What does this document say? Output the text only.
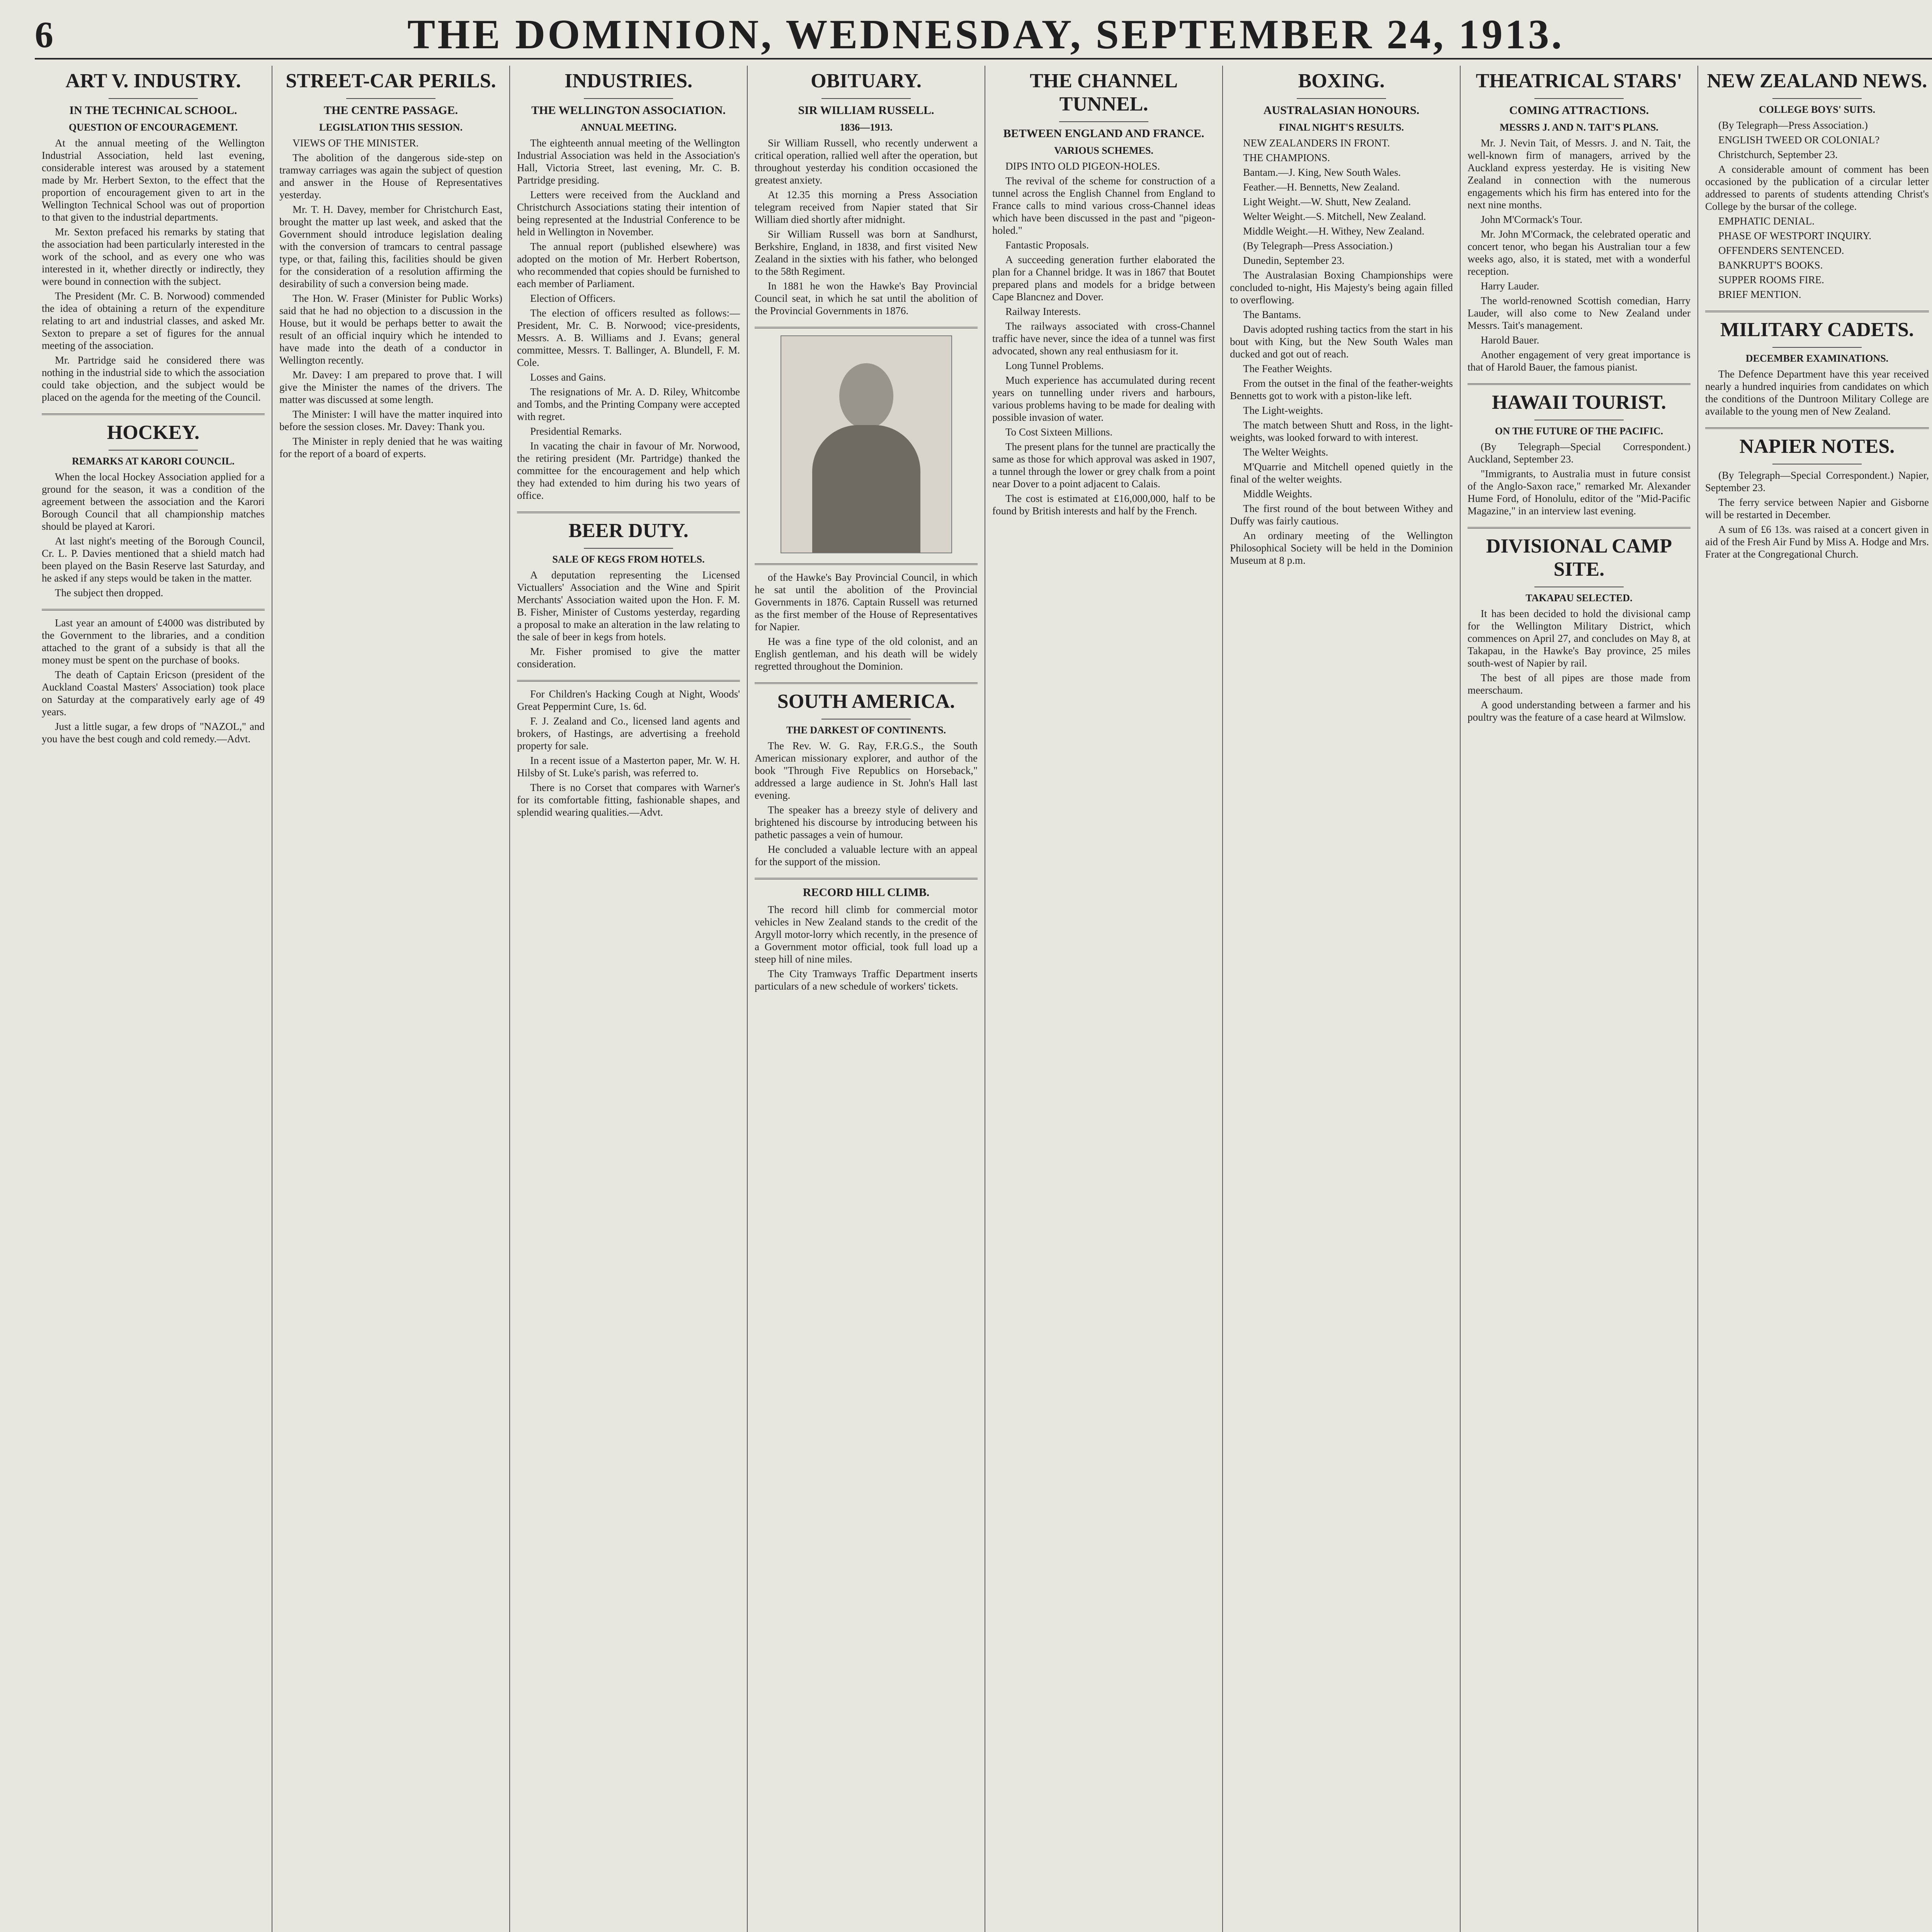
6	THE DOMINION, WEDNESDAY, SEPTEMBER 24, 1913.
ART V. INDUSTRY.
IN THE TECHNICAL SCHOOL.
QUESTION OF ENCOURAGEMENT.

At the annual meeting of the Wellington Industrial Association, held last evening, considerable interest was aroused by a statement made by Mr. Herbert Sexton, to the effect that the proportion of encouragement given to art in the Wellington Technical School was out of proportion to that given to the industrial departments.

Mr. Sexton prefaced his remarks by stating that the association had been particularly interested in the work of the school, and as every one who was interested in it, whether directly or indirectly, they were bound in connection with the subject.

The President (Mr. C. B. Norwood) commended the idea of obtaining a return of the expenditure relating to art and industrial classes, and asked Mr. Sexton to prepare a set of figures for the annual meeting of the association.

Mr. Partridge said he considered there was nothing in the industrial side to which the association could take objection, and the subject would be placed on the agenda for the meeting of the Council.

HOCKEY.
REMARKS AT KARORI COUNCIL.

When the local Hockey Association applied for a ground for the season, it was a condition of the agreement between the association and the Karori Borough Council that all championship matches should be played at Karori.

At last night's meeting of the Borough Council, Cr. L. P. Davies mentioned that a shield match had been played on the Basin Reserve last Saturday, and he asked if any steps would be taken in the matter.

The subject then dropped.

Last year an amount of £4000 was distributed by the Government to the libraries, and a condition attached to the grant of a subsidy is that all the money must be spent on the purchase of books.

The death of Captain Ericson (president of the Auckland Coastal Masters' Association) took place on Saturday at the comparatively early age of 49 years.

Just a little sugar, a few drops of "NAZOL," and you have the best cough and cold remedy.—Advt.

STREET-CAR PERILS.
THE CENTRE PASSAGE.
LEGISLATION THIS SESSION.

VIEWS OF THE MINISTER.

The abolition of the dangerous side-step on tramway carriages was again the subject of question and answer in the House of Representatives yesterday.

Mr. T. H. Davey, member for Christchurch East, brought the matter up last week, and asked that the Government should introduce legislation dealing with the conversion of tramcars to central passage type, or that, failing this, facilities should be given for the consideration of a resolution affirming the desirability of such a conversion being made.

The Hon. W. Fraser (Minister for Public Works) said that he had no objection to a discussion in the House, but it would be perhaps better to await the result of an official inquiry which he intended to have made into the death of a conductor in Wellington recently.

Mr. Davey: I am prepared to prove that. I will give the Minister the names of the drivers. The matter was discussed at some length.

The Minister: I will have the matter inquired into before the session closes. Mr. Davey: Thank you.

The Minister in reply denied that he was waiting for the report of a board of experts.

INDUSTRIES.
THE WELLINGTON ASSOCIATION.
ANNUAL MEETING.

The eighteenth annual meeting of the Wellington Industrial Association was held in the Association's Hall, Victoria Street, last evening, Mr. C. B. Partridge presiding.

Letters were received from the Auckland and Christchurch Associations stating their intention of being represented at the Industrial Conference to be held in Wellington in November.

The annual report (published elsewhere) was adopted on the motion of Mr. Herbert Robertson, who recommended that copies should be furnished to each member of Parliament.

Election of Officers.

The election of officers resulted as follows:—President, Mr. C. B. Norwood; vice-presidents, Messrs. A. B. Williams and J. Evans; general committee, Messrs. T. Ballinger, A. Blundell, F. M. Cole.

Losses and Gains.

The resignations of Mr. A. D. Riley, Whitcombe and Tombs, and the Printing Company were accepted with regret.

Presidential Remarks.

In vacating the chair in favour of Mr. Norwood, the retiring president (Mr. Partridge) thanked the committee for the encouragement and help which they had extended to him during his two years of office.

BEER DUTY.
SALE OF KEGS FROM HOTELS.

A deputation representing the Licensed Victuallers' Association and the Wine and Spirit Merchants' Association waited upon the Hon. F. M. B. Fisher, Minister of Customs yesterday, regarding a proposal to make an alteration in the law relating to the sale of beer in kegs from hotels.

Mr. Fisher promised to give the matter consideration.

For Children's Hacking Cough at Night, Woods' Great Peppermint Cure, 1s. 6d.

F. J. Zealand and Co., licensed land agents and brokers, of Hastings, are advertising a freehold property for sale.

In a recent issue of a Masterton paper, Mr. W. H. Hilsby of St. Luke's parish, was referred to.

There is no Corset that compares with Warner's for its comfortable fitting, fashionable shapes, and splendid wearing qualities.—Advt.

OBITUARY.
SIR WILLIAM RUSSELL.
1836—1913.

Sir William Russell, who recently underwent a critical operation, rallied well after the operation, but throughout yesterday his condition occasioned the greatest anxiety.

At 12.35 this morning a Press Association telegram received from Napier stated that Sir William died shortly after midnight.

Sir William Russell was born at Sandhurst, Berkshire, England, in 1838, and first visited New Zealand in the sixties with his father, who belonged to the 58th Regiment.

In 1881 he won the Hawke's Bay Provincial Council seat, in which he sat until the abolition of the Provincial Governments in 1876.

of the Hawke's Bay Provincial Council, in which he sat until the abolition of the Provincial Governments in 1876. Captain Russell was returned as the first member of the House of Representatives for Napier.

He was a fine type of the old colonist, and an English gentleman, and his death will be widely regretted throughout the Dominion.

SOUTH AMERICA.
THE DARKEST OF CONTINENTS.

The Rev. W. G. Ray, F.R.G.S., the South American missionary explorer, and author of the book "Through Five Republics on Horseback," addressed a large audience in St. John's Hall last evening.

The speaker has a breezy style of delivery and brightened his discourse by introducing between his pathetic passages a vein of humour.

He concluded a valuable lecture with an appeal for the support of the mission.

RECORD HILL CLIMB.

The record hill climb for commercial motor vehicles in New Zealand stands to the credit of the Argyll motor-lorry which recently, in the presence of a Government motor official, took full load up a steep hill of nine miles.

The City Tramways Traffic Department inserts particulars of a new schedule of workers' tickets.

THE CHANNEL TUNNEL.
BETWEEN ENGLAND AND FRANCE.
VARIOUS SCHEMES.

DIPS INTO OLD PIGEON-HOLES.

The revival of the scheme for construction of a tunnel across the English Channel from England to France calls to mind various cross-Channel ideas which have been discussed in the past and "pigeon-holed."

Fantastic Proposals.

A succeeding generation further elaborated the plan for a Channel bridge. It was in 1867 that Boutet prepared plans and models for a bridge between Cape Blancnez and Dover.

Railway Interests.

The railways associated with cross-Channel traffic have never, since the idea of a tunnel was first advocated, shown any real enthusiasm for it.

Long Tunnel Problems.

Much experience has accumulated during recent years on tunnelling under rivers and harbours, various problems having to be made for dealing with possible invasion of water.

To Cost Sixteen Millions.

The present plans for the tunnel are practically the same as those for which approval was asked in 1907, a tunnel through the lower or grey chalk from a point near Dover to a point adjacent to Calais.

The cost is estimated at £16,000,000, half to be found by British interests and half by the French.

BOXING.
AUSTRALASIAN HONOURS.
FINAL NIGHT'S RESULTS.

NEW ZEALANDERS IN FRONT.

THE CHAMPIONS.

Bantam.—J. King, New South Wales.

Feather.—H. Bennetts, New Zealand.

Light Weight.—W. Shutt, New Zealand.

Welter Weight.—S. Mitchell, New Zealand.

Middle Weight.—H. Withey, New Zealand.

(By Telegraph—Press Association.)

Dunedin, September 23.

The Australasian Boxing Championships were concluded to-night, His Majesty's being again filled to overflowing.

The Bantams.

Davis adopted rushing tactics from the start in his bout with King, but the New South Wales man ducked and got out of reach.

The Feather Weights.

From the outset in the final of the feather-weights Bennetts got to work with a piston-like left.

The Light-weights.

The match between Shutt and Ross, in the light-weights, was looked forward to with interest.

The Welter Weights.

M'Quarrie and Mitchell opened quietly in the final of the welter weights.

Middle Weights.

The first round of the bout between Withey and Duffy was fairly cautious.

An ordinary meeting of the Wellington Philosophical Society will be held in the Dominion Museum at 8 p.m.

THEATRICAL STARS'
COMING ATTRACTIONS.
MESSRS J. AND N. TAIT'S PLANS.

Mr. J. Nevin Tait, of Messrs. J. and N. Tait, the well-known firm of managers, arrived by the Auckland express yesterday. He is visiting New Zealand in connection with the numerous engagements which his firm has entered into for the next nine months.

John M'Cormack's Tour.

Mr. John M'Cormack, the celebrated operatic and concert tenor, who began his Australian tour a few weeks ago, also, it is stated, met with a wonderful reception.

Harry Lauder.

The world-renowned Scottish comedian, Harry Lauder, will also come to New Zealand under Messrs. Tait's management.

Harold Bauer.

Another engagement of very great importance is that of Harold Bauer, the famous pianist.

HAWAII TOURIST.
ON THE FUTURE OF THE PACIFIC.

(By Telegraph—Special Correspondent.) Auckland, September 23.

"Immigrants, to Australia must in future consist of the Anglo-Saxon race," remarked Mr. Alexander Hume Ford, of Honolulu, editor of the "Mid-Pacific Magazine," in an interview last evening.

DIVISIONAL CAMP SITE.
TAKAPAU SELECTED.

It has been decided to hold the divisional camp for the Wellington Military District, which commences on April 27, and concludes on May 8, at Takapau, in the Hawke's Bay province, 25 miles south-west of Napier by rail.

The best of all pipes are those made from meerschaum.

A good understanding between a farmer and his poultry was the feature of a case heard at Wilmslow.

NEW ZEALAND NEWS.
COLLEGE BOYS' SUITS.

(By Telegraph—Press Association.)

ENGLISH TWEED OR COLONIAL?

Christchurch, September 23.

A considerable amount of comment has been occasioned by the publication of a circular letter addressed to parents of students attending Christ's College by the bursar of the college.

EMPHATIC DENIAL.

PHASE OF WESTPORT INQUIRY.

OFFENDERS SENTENCED.

BANKRUPT'S BOOKS.

SUPPER ROOMS FIRE.

BRIEF MENTION.

MILITARY CADETS.
DECEMBER EXAMINATIONS.

The Defence Department have this year received nearly a hundred inquiries from candidates on which the conditions of the Duntroon Military College are available to the young men of New Zealand.

NAPIER NOTES.

(By Telegraph—Special Correspondent.) Napier, September 23.

The ferry service between Napier and Gisborne will be restarted in December.

A sum of £6 13s. was raised at a concert given in aid of the Fresh Air Fund by Miss A. Hodge and Mrs. Frater at the Congregational Church.
